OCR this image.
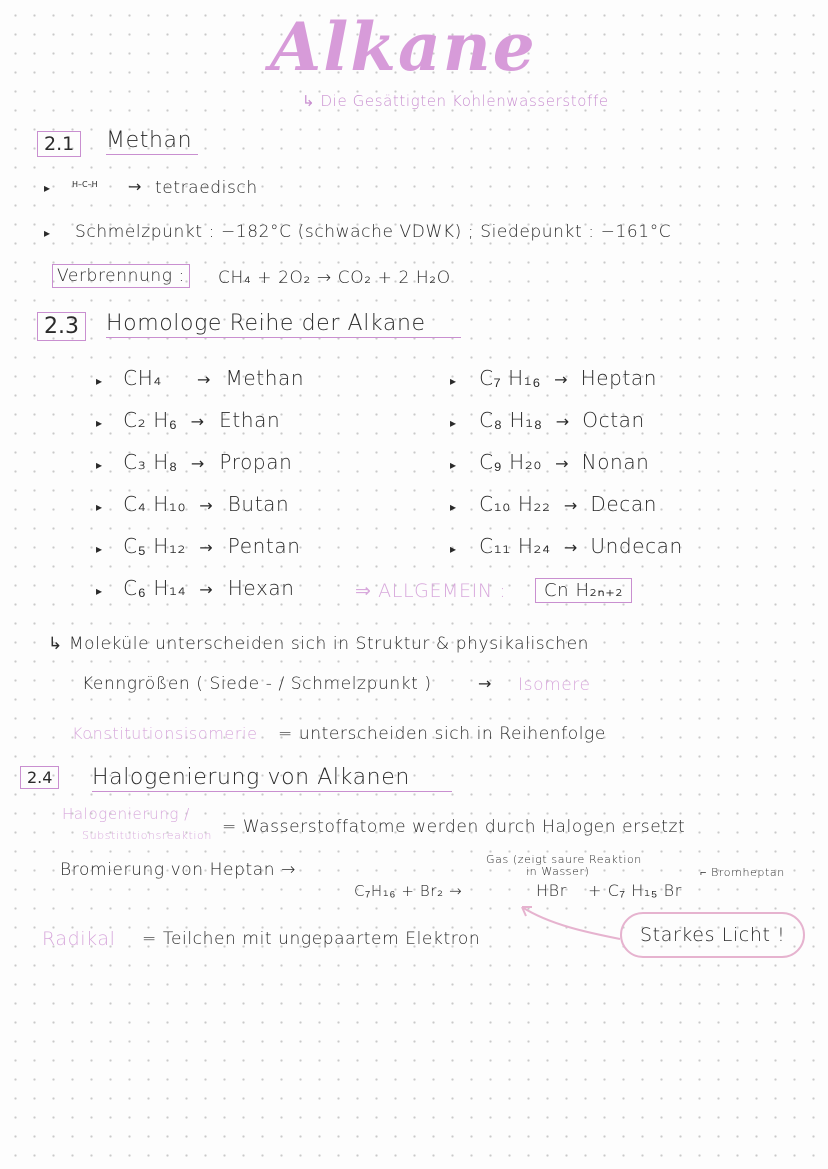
Alkane
↳ Die Gesättigten Kohlenwasserstoffe
2.1	Methan
▸	H–C–H → tetraedisch
▸ Schmelzpunkt : −182°C (schwache VDWK) ; Siedepunkt : −161°C
Verbrennung : CH₄ + 2O₂ → CO₂ + 2 H₂O
2.3	Homologe Reihe der Alkane
▸ CH₄ → Methan
▸ C₂ H₆ → Ethan
▸ C₃ H₈ → Propan
▸ C₄ H₁₀ → Butan
▸ C₅ H₁₂ → Pentan
▸ C₆ H₁₄ → Hexan
▸ C₇ H₁₆ → Heptan
▸ C₈ H₁₈ → Octan
▸ C₉ H₂₀ → Nonan
▸ C₁₀ H₂₂ → Decan
▸ C₁₁ H₂₄ → Undecan
⇒ ALLGEMEIN :	Cn H₂ₙ₊₂
↳ Moleküle unterscheiden sich in Struktur & physikalischen
Kenngrößen ( Siede - / Schmelzpunkt )	→ Isomere
Konstitutionsisomerie = unterscheiden sich in Reihenfolge
2.4	Halogenierung von Alkanen
Halogenierung /
Substitutionsreaktion = Wasserstoffatome werden durch Halogen ersetzt
Bromierung von Heptan →
Gas (zeigt saure Reaktion
in Wasser)
C₇H₁₆ + Br₂ →	HBr + C₇ H₁₅ Br
⌐ Bromheptan
Radikal = Teilchen mit ungepaartem Elektron	Starkes Licht !
